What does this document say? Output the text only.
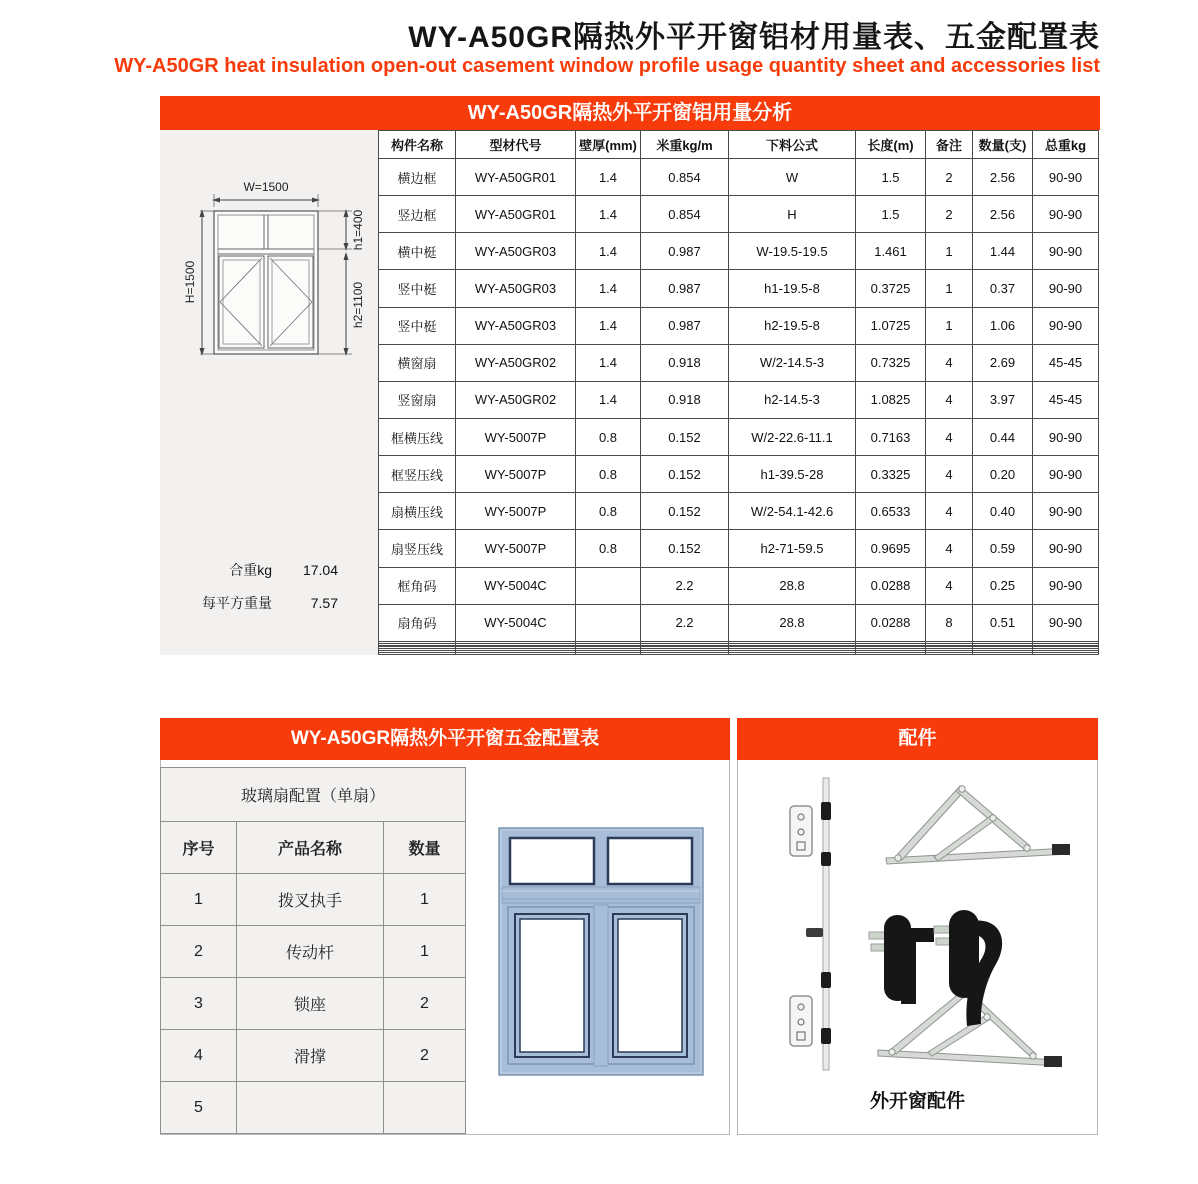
WY-A50GR隔热外平开窗铝材用量表、五金配置表
WY-A50GR heat insulation open-out casement window profile usage quantity sheet and accessories list
WY-A50GR隔热外平开窗铝用量分析
W=1500
H=1500
h1=400
h2=1100
合重kg	17.04
每平方重量	7.57
构件名称	型材代号	壁厚(mm)	米重kg/m	下料公式	长度(m)	备注	数量(支)	总重kg
横边框	WY-A50GR01	1.4	0.854	W	1.5	2	2.56	90-90
竖边框	WY-A50GR01	1.4	0.854	H	1.5	2	2.56	90-90
横中梃	WY-A50GR03	1.4	0.987	W-19.5-19.5	1.461	1	1.44	90-90
竖中梃	WY-A50GR03	1.4	0.987	h1-19.5-8	0.3725	1	0.37	90-90
竖中梃	WY-A50GR03	1.4	0.987	h2-19.5-8	1.0725	1	1.06	90-90
横窗扇	WY-A50GR02	1.4	0.918	W/2-14.5-3	0.7325	4	2.69	45-45
竖窗扇	WY-A50GR02	1.4	0.918	h2-14.5-3	1.0825	4	3.97	45-45
框横压线	WY-5007P	0.8	0.152	W/2-22.6-11.1	0.7163	4	0.44	90-90
框竖压线	WY-5007P	0.8	0.152	h1-39.5-28	0.3325	4	0.20	90-90
扇横压线	WY-5007P	0.8	0.152	W/2-54.1-42.6	0.6533	4	0.40	90-90
扇竖压线	WY-5007P	0.8	0.152	h2-71-59.5	0.9695	4	0.59	90-90
框角码	WY-5004C		2.2	28.8	0.0288	4	0.25	90-90
扇角码	WY-5004C		2.2	28.8	0.0288	8	0.51	90-90

WY-A50GR隔热外平开窗五金配置表	配件
玻璃扇配置（单扇）		
序号	产品名称	数量
1	拨叉执手	1
2	传动杆	1
3	锁座	2
4	滑撑	2
5			外开窗配件
